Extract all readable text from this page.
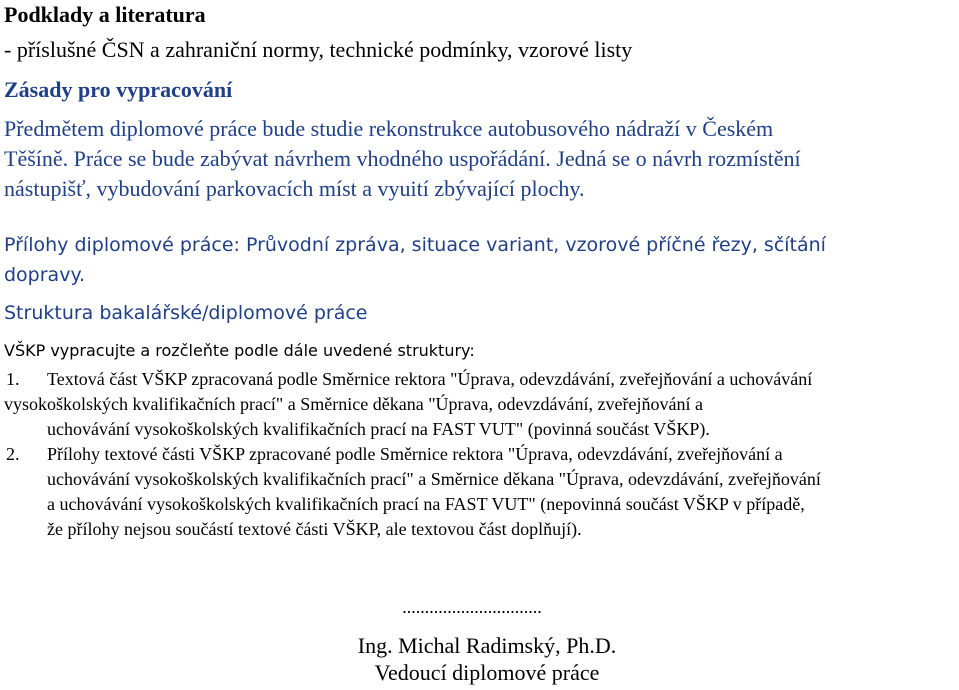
Podklady a literatura
- příslušné ČSN a zahraniční normy, technické podmínky, vzorové listy
Zásady pro vypracování
Předmětem diplomové práce bude studie rekonstrukce autobusového nádraží v Českém
Těšíně. Práce se bude zabývat návrhem vhodného uspořádání. Jedná se o návrh rozmístění
nástupišť, vybudování parkovacích míst a vyuití zbývající plochy.
Přílohy diplomové práce: Průvodní zpráva, situace variant, vzorové příčné řezy, sčítání
dopravy.
Struktura bakalářské/diplomové práce
VŠKP vypracujte a rozčleňte podle dále uvedené struktury:
1. Textová část VŠKP zpracovaná podle Směrnice rektora "Úprava, odevzdávání, zveřejňování a uchovávání
vysokoškolských kvalifikačních prací" a Směrnice děkana "Úprava, odevzdávání, zveřejňování a
uchovávání vysokoškolských kvalifikačních prací na FAST VUT" (povinná součást VŠKP).
2. Přílohy textové části VŠKP zpracované podle Směrnice rektora "Úprava, odevzdávání, zveřejňování a
uchovávání vysokoškolských kvalifikačních prací" a Směrnice děkana "Úprava, odevzdávání, zveřejňování
a uchovávání vysokoškolských kvalifikačních prací na FAST VUT" (nepovinná součást VŠKP v případě,
že přílohy nejsou součástí textové části VŠKP, ale textovou část doplňují).
...............................
Ing. Michal Radimský, Ph.D.
Vedoucí diplomové práce
